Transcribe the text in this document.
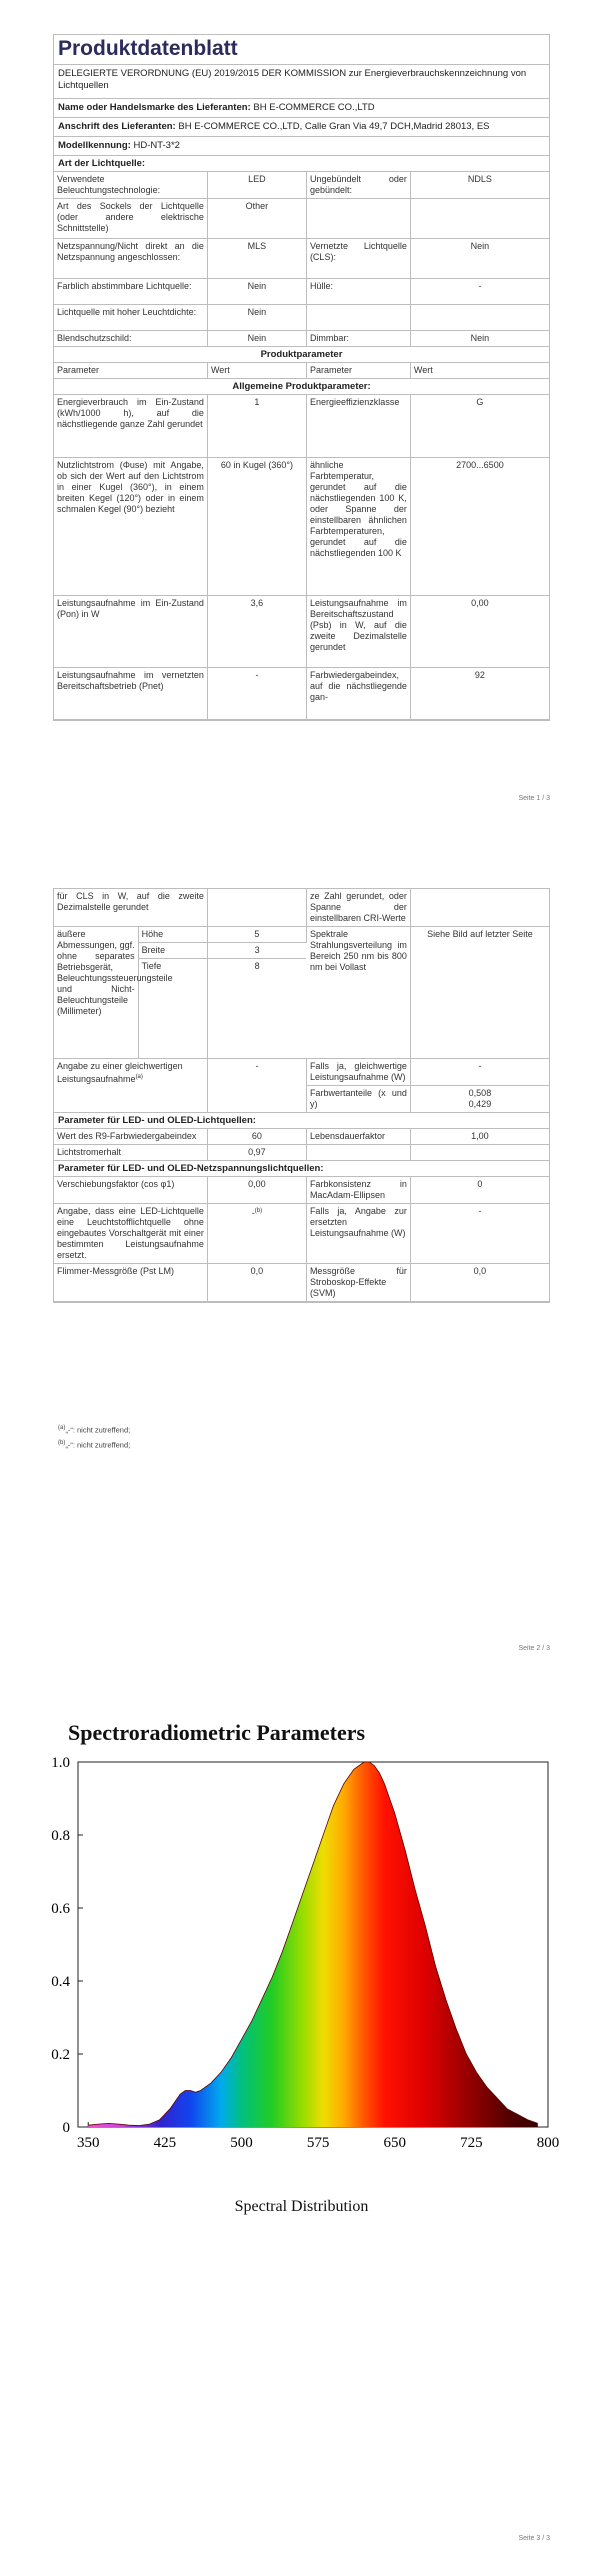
Produktdatenblatt
DELEGIERTE VERORDNUNG (EU) 2019/2015 DER KOMMISSION zur Energieverbrauchskennzeichnung von Lichtquellen
Name oder Handelsmarke des Lieferanten: BH E-COMMERCE CO.,LTD
Anschrift des Lieferanten: BH E-COMMERCE CO.,LTD, Calle Gran Via 49,7 DCH,Madrid 28013, ES
Modellkennung: HD-NT-3*2
Art der Lichtquelle:
Verwendete Beleuchtungstechnologie:	LED	Ungebündelt oder gebündelt:	NDLS
Art des Sockels der Lichtquelle (oder andere elektrische Schnittstelle)	Other		
Netzspannung/Nicht direkt an die Netzspannung angeschlossen:	MLS	Vernetzte Lichtquelle (CLS):	Nein
Farblich abstimmbare Lichtquelle:	Nein	Hülle:	-
Lichtquelle mit hoher Leuchtdichte:	Nein		
Blendschutzschild:	Nein	Dimmbar:	Nein
Produktparameter
Parameter	Wert	Parameter	Wert
Allgemeine Produktparameter:
Energieverbrauch im Ein-Zustand (kWh/1000 h), auf die nächstliegende ganze Zahl gerundet	1	Energieeffizienzklasse	G
Nutzlichtstrom (Φuse) mit Angabe, ob sich der Wert auf den Lichtstrom in einer Kugel (360°), in einem breiten Kegel (120°) oder in einem schmalen Kegel (90°) bezieht	60 in Kugel (360°)	ähnliche Farbtemperatur, gerundet auf die nächstliegenden 100 K, oder Spanne der einstellbaren ähnlichen Farbtemperaturen, gerundet auf die nächstliegenden 100 K	2700...6500
Leistungsaufnahme im Ein-Zustand (Pon) in W	3,6	Leistungsaufnahme im Bereitschaftszustand (Psb) in W, auf die zweite Dezimalstelle gerundet	0,00
Leistungsaufnahme im vernetzten Bereitschaftsbetrieb (Pnet)	-	Farbwiedergabeindex, auf die nächstliegende gan-	92
Seite 1 / 3
für CLS in W, auf die zweite Dezimalstelle gerundet			ze Zahl gerundet, oder Spanne der einstellbaren CRI-Werte	
äußere Abmessungen, ggf. ohne separates Betriebsgerät, Beleuchtungssteuerungsteile und Nicht-Beleuchtungsteile (Millimeter)	Höhe	5	Spektrale Strahlungsverteilung im Bereich 250 nm bis 800 nm bei Vollast	Siehe Bild auf letzter Seite
	Breite	3		
	Tiefe	8		
Angabe zu einer gleichwertigen Leistungsaufnahme$^{(a)}$		-	Falls ja, gleichwertige Leistungsaufnahme (W)	-
			Farbwertanteile (x und y)	0,508
0,429
Parameter für LED- und OLED-Lichtquellen:
Wert des R9-Farbwiedergabeindex	60	Lebensdauerfaktor	1,00
Lichtstromerhalt	0,97		
Parameter für LED- und OLED-Netzspannungslichtquellen:
Verschiebungsfaktor (cos φ1)	0,00	Farbkonsistenz in MacAdam-Ellipsen	0
Angabe, dass eine LED-Lichtquelle eine Leuchtstofflichtquelle ohne eingebautes Vorschaltgerät mit einer bestimmten Leistungsaufnahme ersetzt.	-$^{(b)}$	Falls ja, Angabe zur ersetzten Leistungsaufnahme (W)	-
Flimmer-Messgröße (Pst LM)	0,0	Messgröße für Stroboskop-Effekte (SVM)	0,0
$^{(a)}$„-“: nicht zutreffend;
$^{(b)}$„-“: nicht zutreffend;
Seite 2 / 3
Spectroradiometric Parameters
350	425	500	575	650	725	800
0
0.2
0.4
0.6
0.8
1.0
Spectral Distribution
Seite 3 / 3
